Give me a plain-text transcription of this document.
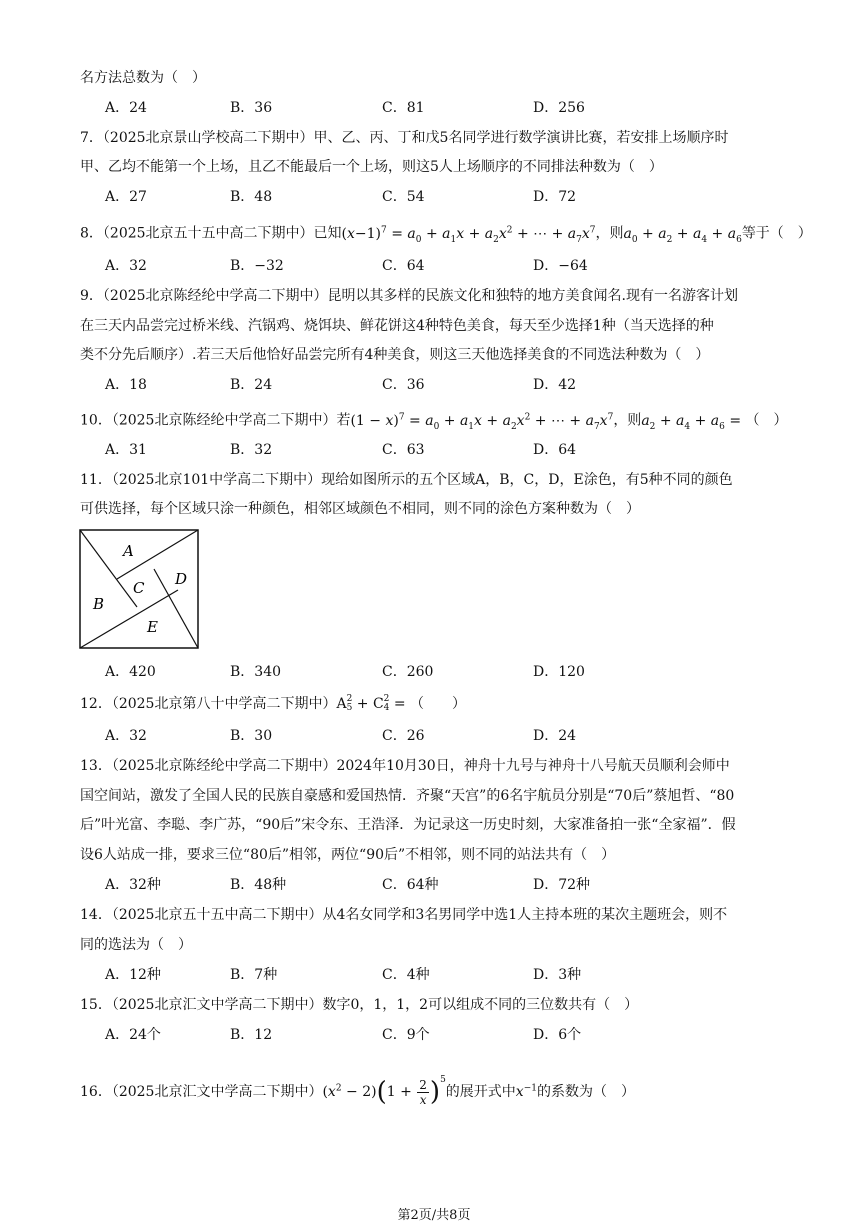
名方法总数为（　）
A．24	B．36	C．81	D．256
7．（2025北京景山学校高二下期中）甲、乙、丙、丁和戊5名同学进行数学演讲比赛，若安排上场顺序时
甲、乙均不能第一个上场，且乙不能最后一个上场，则这5人上场顺序的不同排法种数为（　）
A．27	B．48	C．54	D．72
8．（2025北京五十五中高二下期中）已知$(x-1)^7 = a_0 + a_1x + a_2x^2$ + ⋯ + $a_7x^7$，则$a_0 + a_2 + a_4 + a_6$等于（　）
A．32	B．−32	C．64	D．−64
9．（2025北京陈经纶中学高二下期中）昆明以其多样的民族文化和独特的地方美食闻名.现有一名游客计划
在三天内品尝完过桥米线、汽锅鸡、烧饵块、鲜花饼这4种特色美食，每天至少选择1种（当天选择的种
类不分先后顺序）.若三天后他恰好品尝完所有4种美食，则这三天他选择美食的不同选法种数为（　）
A．18	B．24	C．36	D．42
10．（2025北京陈经纶中学高二下期中）若$(1 - x)^7 = a_0 + a_1x + a_2x^2$ + ⋯ + $a_7x^7$，则$a_2 + a_4 + a_6$ = （　）
A．31	B．32	C．63	D．64
11．（2025北京101中学高二下期中）现给如图所示的五个区域A，B，C，D，E涂色，有5种不同的颜色
可供选择，每个区域只涂一种颜色，相邻区域颜色不相同，则不同的涂色方案种数为（　）
A
B
C D
E
A．420	B．340	C．260	D．120
12．（2025北京第八十中学高二下期中）A 2
5 + C 2
4 = （　　）
A．32	B．30	C．26	D．24
13．（2025北京陈经纶中学高二下期中）2024年10月30日，神舟十九号与神舟十八号航天员顺利会师中
国空间站，激发了全国人民的民族自豪感和爱国热情．齐聚“天宫”的6名宇航员分别是“70后”蔡旭哲、“80
后”叶光富、李聪、李广苏，“90后”宋令东、王浩泽．为记录这一历史时刻，大家准备拍一张“全家福”．假
设6人站成一排，要求三位“80后”相邻，两位“90后”不相邻，则不同的站法共有（　）
A．32种	B．48种	C．64种	D．72种
14．（2025北京五十五中高二下期中）从4名女同学和3名男同学中选1人主持本班的某次主题班会，则不
同的选法为（　）
A．12种	B．7种	C．4种	D．3种
15．（2025北京汇文中学高二下期中）数字0，1，1，2可以组成不同的三位数共有（　）
A．24个	B．12	C．9个	D．6个
16．（2025北京汇文中学高二下期中）$(x^2 - 2)(1 + \frac{2}{x} )^5$的展开式中$x^{-1}$的系数为（　）
第2页/共8页
